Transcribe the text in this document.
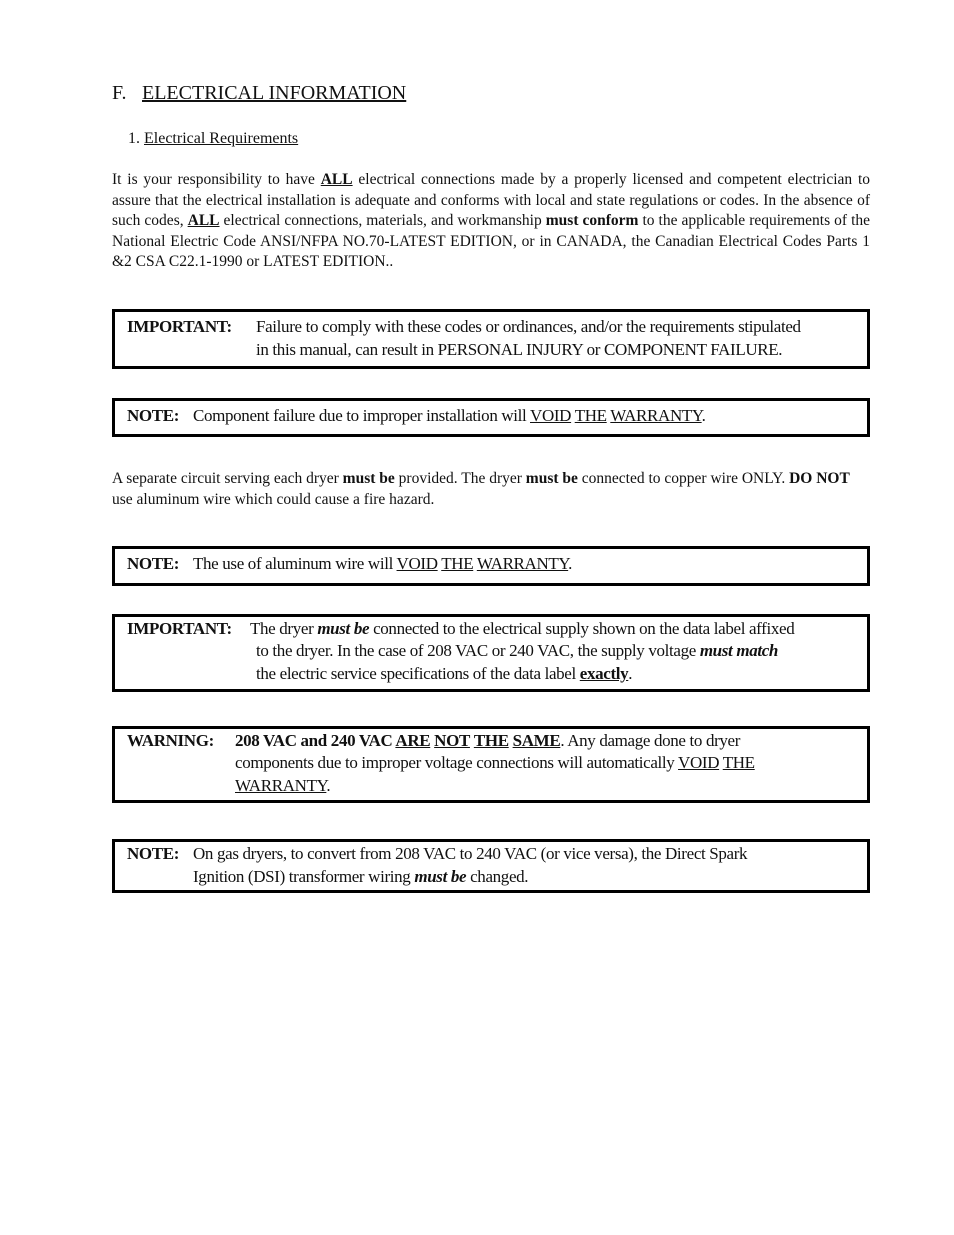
F. ELECTRICAL INFORMATION
1. Electrical Requirements
It is your responsibility to have ALL electrical connections made by a properly licensed and competent electrician to assure that the electrical installation is adequate and conforms with local and state regulations or codes. In the absence of such codes, ALL electrical connections, materials, and workmanship must conform to the applicable requirements of the National Electric Code ANSI/NFPA NO.70-LATEST EDITION, or in CANADA, the Canadian Electrical Codes Parts 1 &2 CSA C22.1-1990 or LATEST EDITION..
IMPORTANT: Failure to comply with these codes or ordinances, and/or the requirements stipulated
in this manual, can result in PERSONAL INJURY or COMPONENT FAILURE.
NOTE: Component failure due to improper installation will VOID THE WARRANTY.
A separate circuit serving each dryer must be provided. The dryer must be connected to copper wire ONLY. DO NOT use aluminum wire which could cause a fire hazard.
NOTE: The use of aluminum wire will VOID THE WARRANTY.
IMPORTANT: The dryer must be connected to the electrical supply shown on the data label affixed
to the dryer. In the case of 208 VAC or 240 VAC, the supply voltage must match
the electric service specifications of the data label exactly.
WARNING: 208 VAC and 240 VAC ARE NOT THE SAME. Any damage done to dryer
components due to improper voltage connections will automatically VOID THE
WARRANTY.
NOTE: On gas dryers, to convert from 208 VAC to 240 VAC (or vice versa), the Direct Spark
Ignition (DSI) transformer wiring must be changed.
